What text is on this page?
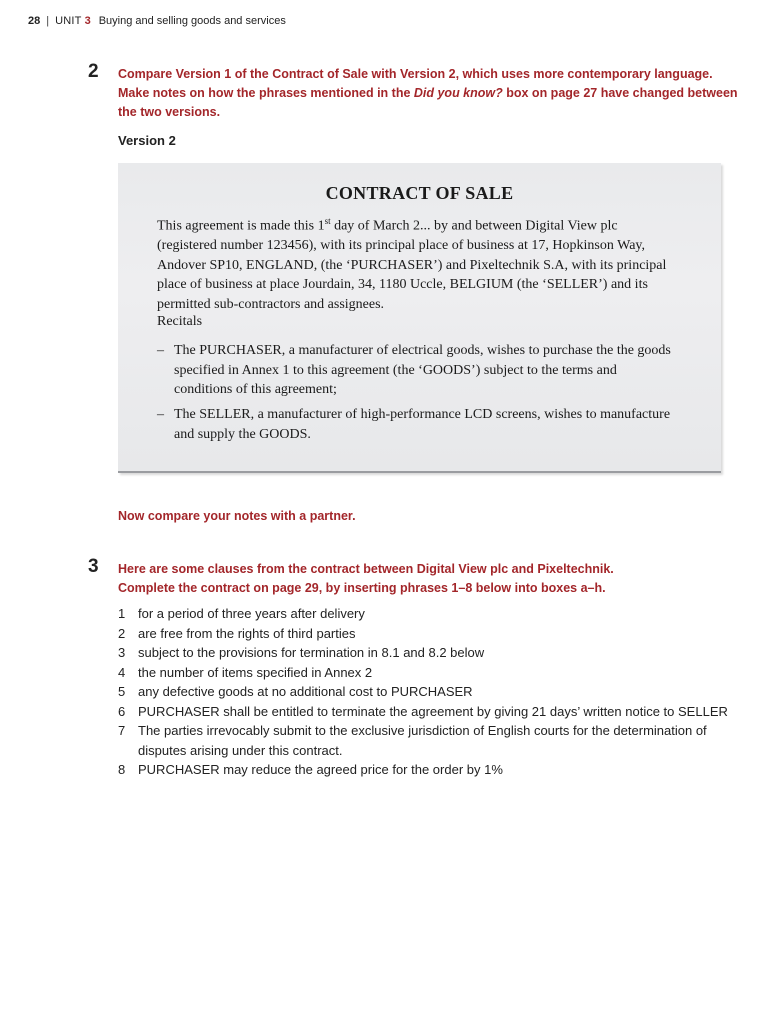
28 | UNIT 3 Buying and selling goods and services
2 Compare Version 1 of the Contract of Sale with Version 2, which uses more contemporary language. Make notes on how the phrases mentioned in the Did you know? box on page 27 have changed between the two versions.
Version 2
CONTRACT OF SALE
This agreement is made this 1st day of March 2... by and between Digital View plc (registered number 123456), with its principal place of business at 17, Hopkinson Way, Andover SP10, ENGLAND, (the ‘PURCHASER’) and Pixeltechnik S.A, with its principal place of business at place Jourdain, 34, 1180 Uccle, BELGIUM (the ‘SELLER’) and its permitted sub-contractors and assignees.
Recitals
– The PURCHASER, a manufacturer of electrical goods, wishes to purchase the the goods specified in Annex 1 to this agreement (the ‘GOODS’) subject to the terms and conditions of this agreement;
– The SELLER, a manufacturer of high-performance LCD screens, wishes to manufacture and supply the GOODS.
Now compare your notes with a partner.
3 Here are some clauses from the contract between Digital View plc and Pixeltechnik.
Complete the contract on page 29, by inserting phrases 1–8 below into boxes a–h.
1 for a period of three years after delivery
2 are free from the rights of third parties
3 subject to the provisions for termination in 8.1 and 8.2 below
4 the number of items specified in Annex 2
5 any defective goods at no additional cost to PURCHASER
6 PURCHASER shall be entitled to terminate the agreement by giving 21 days’ written notice to SELLER
7 The parties irrevocably submit to the exclusive jurisdiction of English courts for the determination of disputes arising under this contract.
8 PURCHASER may reduce the agreed price for the order by 1%
